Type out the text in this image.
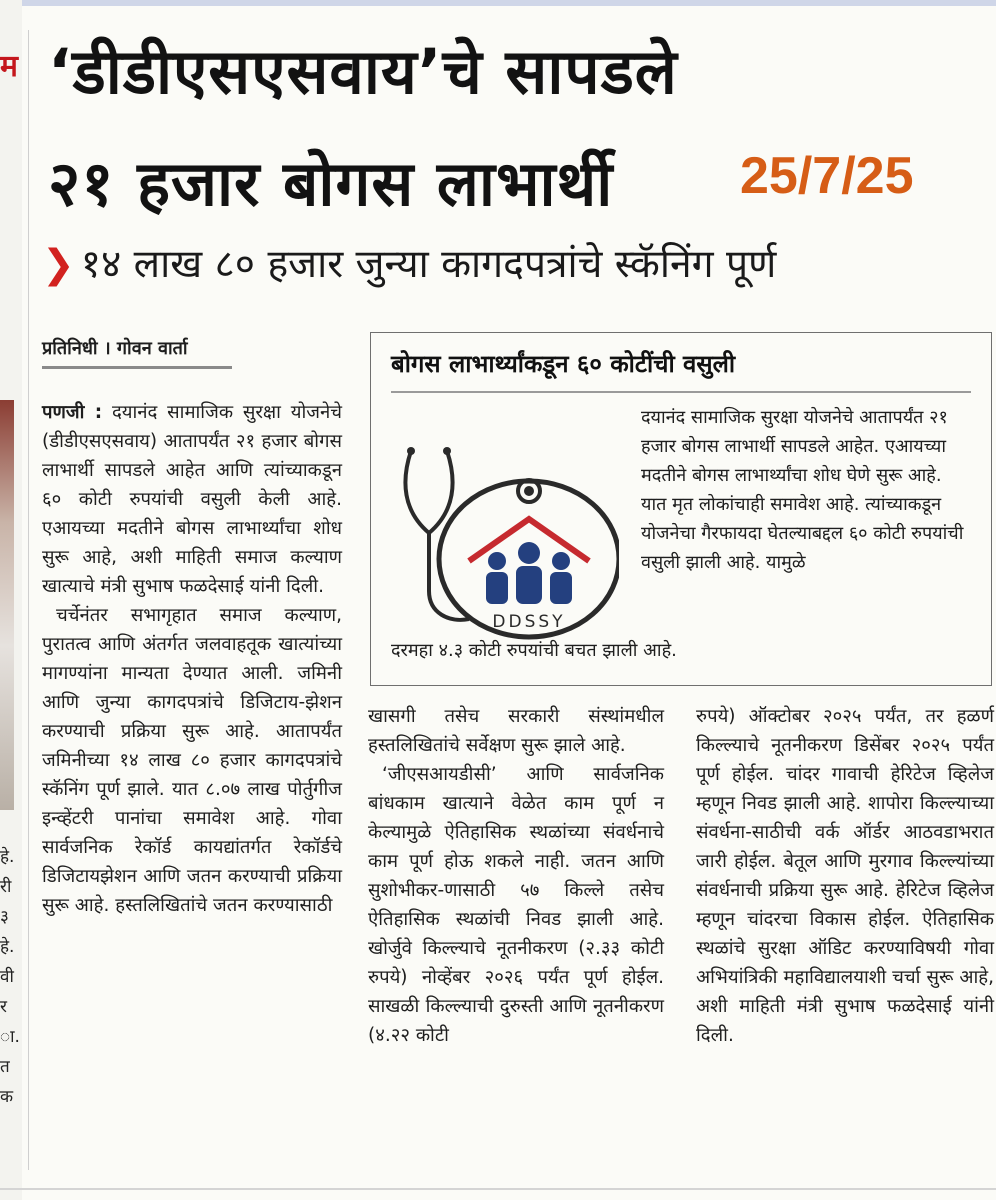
म
हे.
री
३
हे.
वी
र
ा.
त
क
‘डीडीएसएसवाय’चे सापडले
२१ हजार बोगस लाभार्थी 25/7/25
❯ १४ लाख ८० हजार जुन्या कागदपत्रांचे स्कॅनिंग पूर्ण
प्रतिनिधी । गोवन वार्ता

पणजी : दयानंद सामाजिक सुरक्षा योजनेचे (डीडीएसएसवाय) आतापर्यंत २१ हजार बोगस लाभार्थी सापडले आहेत आणि त्यांच्याकडून ६० कोटी रुपयांची वसुली केली आहे. एआयच्या मदतीने बोगस लाभार्थ्यांचा शोध सुरू आहे, अशी माहिती समाज कल्याण खात्याचे मंत्री सुभाष फळदेसाई यांनी दिली.

चर्चेनंतर सभागृहात समाज कल्याण, पुरातत्व आणि अंतर्गत जलवाहतूक खात्यांच्या मागण्यांना मान्यता देण्यात आली. जमिनी आणि जुन्या कागदपत्रांचे डिजिटाय-झेशन करण्याची प्रक्रिया सुरू आहे. आतापर्यंत जमिनीच्या १४ लाख ८० हजार कागदपत्रांचे स्कॅनिंग पूर्ण झाले. यात ८.०७ लाख पोर्तुगीज इन्व्हेंटरी पानांचा समावेश आहे. गोवा सार्वजनिक रेकॉर्ड कायद्यांतर्गत रेकॉर्डचे डिजिटायझेशन आणि जतन करण्याची प्रक्रिया सुरू आहे. हस्तलिखितांचे जतन करण्यासाठी

बोगस लाभार्थ्यांकडून ६० कोटींची वसुली
DDSSY
दयानंद सामाजिक सुरक्षा योजनेचे आतापर्यंत २१ हजार बोगस लाभार्थी सापडले आहेत. एआयच्या मदतीने बोगस लाभार्थ्यांचा शोध घेणे सुरू आहे. यात मृत लोकांचाही समावेश आहे. त्यांच्याकडून योजनेचा गैरफायदा घेतल्याबद्दल ६० कोटी रुपयांची वसुली झाली आहे. यामुळे
दरमहा ४.३ कोटी रुपयांची बचत झाली आहे.

खासगी तसेच सरकारी संस्थांमधील हस्तलिखितांचे सर्वेक्षण सुरू झाले आहे.

‘जीएसआयडीसी’ आणि सार्वजनिक बांधकाम खात्याने वेळेत काम पूर्ण न केल्यामुळे ऐतिहासिक स्थळांच्या संवर्धनाचे काम पूर्ण होऊ शकले नाही. जतन आणि सुशोभीकर-णासाठी ५७ किल्ले तसेच ऐतिहासिक स्थळांची निवड झाली आहे. खोर्जुवे किल्ल्याचे नूतनीकरण (२.३३ कोटी रुपये) नोव्हेंबर २०२६ पर्यंत पूर्ण होईल. साखळी किल्ल्याची दुरुस्ती आणि नूतनीकरण (४.२२ कोटी

रुपये) ऑक्टोबर २०२५ पर्यंत, तर हळर्ण किल्ल्याचे नूतनीकरण डिसेंबर २०२५ पर्यंत पूर्ण होईल. चांदर गावाची हेरिटेज व्हिलेज म्हणून निवड झाली आहे. शापोरा किल्ल्याच्या संवर्धना-साठीची वर्क ऑर्डर आठवडाभरात जारी होईल. बेतूल आणि मुरगाव किल्ल्यांच्या संवर्धनाची प्रक्रिया सुरू आहे. हेरिटेज व्हिलेज म्हणून चांदरचा विकास होईल. ऐतिहासिक स्थळांचे सुरक्षा ऑडिट करण्याविषयी गोवा अभियांत्रिकी महाविद्यालयाशी चर्चा सुरू आहे, अशी माहिती मंत्री सुभाष फळदेसाई यांनी दिली.
